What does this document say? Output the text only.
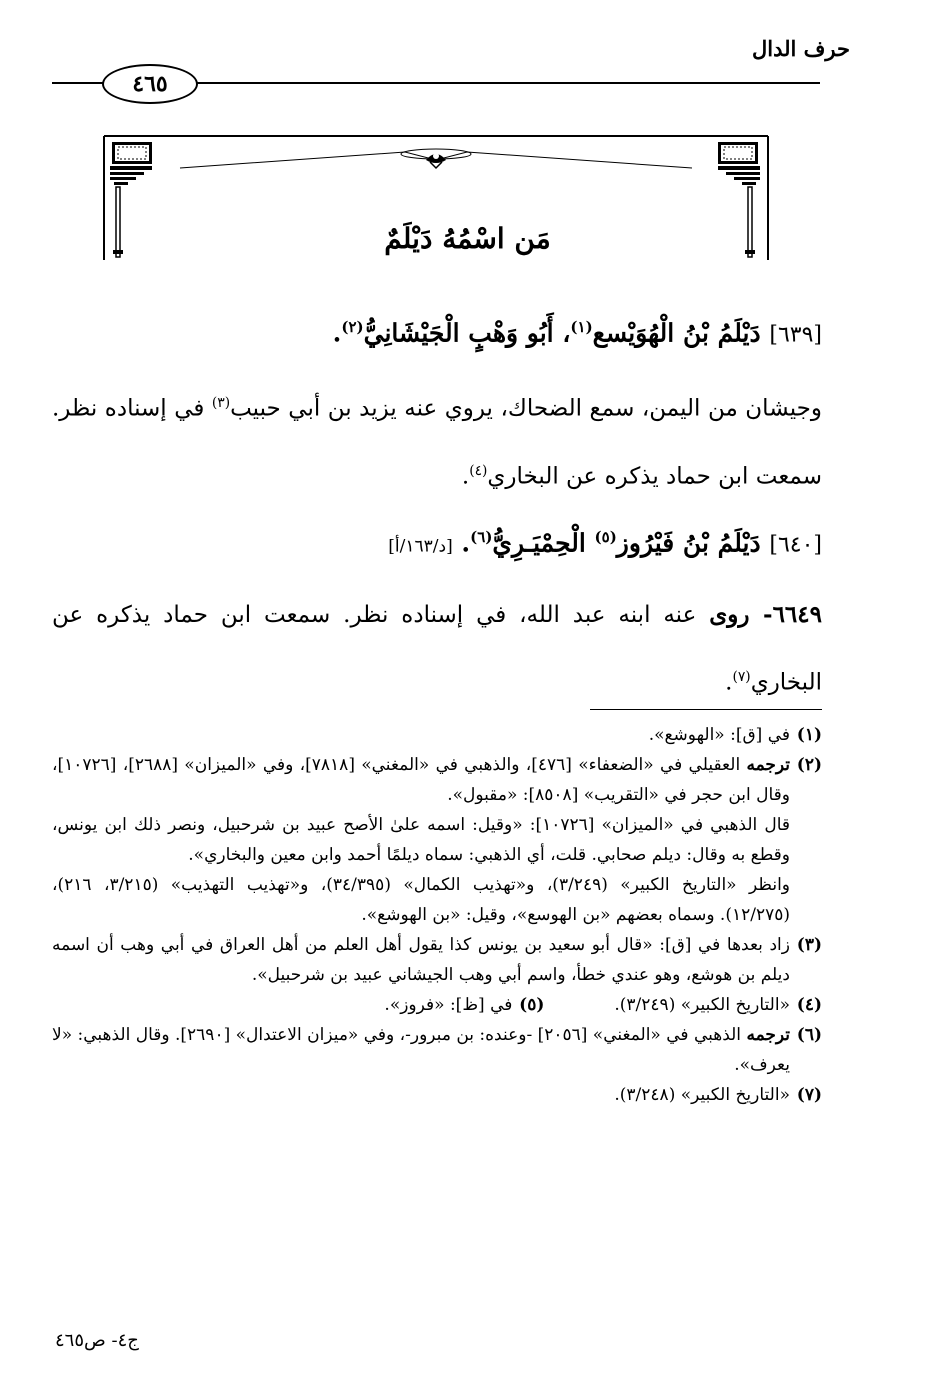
حرف الدال
٤٦٥
مَن اسْمُهُ دَيْلَمٌ
[٦٣٩] دَيْلَمُ بْنُ الْهُوَيْسع$^{(١)}$، أَبُو وَهْبٍ الْجَيْشَانِيُّ$^{(٢)}$.
وجيشان من اليمن، سمع الضحاك، يروي عنه يزيد بن أبي حبيب$^{(٣)}$ في إسناده نظر. سمعت ابن حماد يذكره عن البخاري$^{(٤)}$.
[٦٤٠] دَيْلَمُ بْنُ فَيْرُوز$^{(٥)}$ الْحِمْيَـرِيُّ$^{(٦)}$. [د/١٦٣/أ]
٦٦٤٩- روى عنه ابنه عبد الله، في إسناده نظر. سمعت ابن حماد يذكره عن البخاري$^{(٧)}$.
(١)
في [ق]: «الهوشع».
(٢)
ترجمه العقيلي في «الضعفاء» [٤٧٦]، والذهبي في «المغني» [٧٨١٨]، وفي «الميزان» [٢٦٨٨]، [١٠٧٢٦]، وقال ابن حجر في «التقريب» [٨٥٠٨]: «مقبول».
قال الذهبي في «الميزان» [١٠٧٢٦]: «وقيل: اسمه علىٰ الأصح عبيد بن شرحبيل، ونصر ذلك ابن يونس، وقطع به وقال: ديلم صحابي. قلت، أي الذهبي: سماه ديلمًا أحمد وابن معين والبخاري».
وانظر «التاريخ الكبير» (٣/٢٤٩)، و«تهذيب الكمال» (٣٤/٣٩٥)، و«تهذيب التهذيب» (٣/٢١٥، ٢١٦)، (١٢/٢٧٥). وسماه بعضهم «بن الهوسع»، وقيل: «بن الهوشع».
(٣)
زاد بعدها في [ق]: «قال أبو سعيد بن يونس كذا يقول أهل العلم من أهل العراق في أبي وهب أن اسمه ديلم بن هوشع، وهو عندي خطأ، واسم أبي وهب الجيشاني عبيد بن شرحبيل».
(٤)
«التاريخ الكبير» (٣/٢٤٩).
(٥)
في [ظ]: «فروز».
(٦)
ترجمه الذهبي في «المغني» [٢٠٥٦] -وعنده: بن مبرور-، وفي «ميزان الاعتدال» [٢٦٩٠]. وقال الذهبي: «لا يعرف».
(٧)
«التاريخ الكبير» (٣/٢٤٨).
ج٤- ص٤٦٥
